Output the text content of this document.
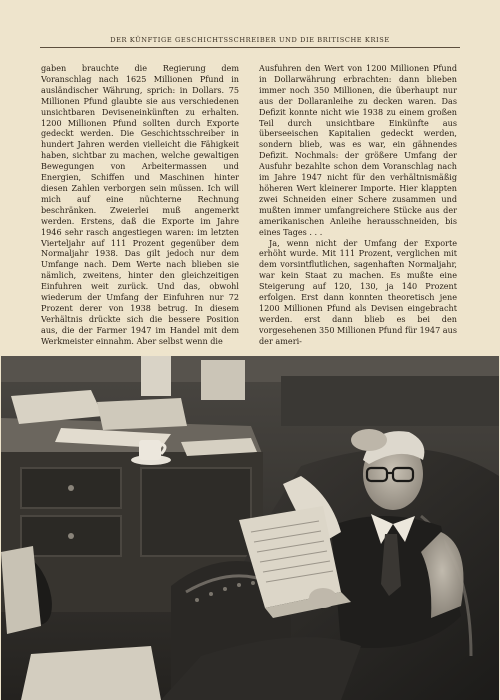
DER KÜNFTIGE GESCHICHTSSCHREIBER UND DIE BRITISCHE KRISE

gaben brauchte die Regierung dem Voranschlag nach 1625 Millionen Pfund in ausländischer Währung, sprich: in Dollars. 75 Millionen Pfund glaubte sie aus verschiedenen unsichtbaren Deviseneinkünften zu erhalten. 1200 Millionen Pfund sollten durch Exporte gedeckt werden. Die Geschichtsschreiber in hundert Jahren werden vielleicht die Fähigkeit haben, sichtbar zu machen, welche gewaltigen Bewegungen von Arbeitermassen und Energien, Schiffen und Maschinen hinter diesen Zahlen verborgen sein müssen. Ich will mich auf eine nüchterne Rechnung beschränken. Zweierlei muß angemerkt werden. Erstens, daß die Exporte im Jahre 1946 sehr rasch angestiegen waren: im letzten Vierteljahr auf 111 Prozent gegenüber dem Normaljahr 1938. Das gilt jedoch nur dem Umfange nach. Dem Werte nach blieben sie nämlich, zweitens, hinter den gleichzeitigen Einfuhren weit zurück. Und das, obwohl wiederum der Umfang der Einfuhren nur 72 Prozent derer von 1938 betrug. In diesem Verhältnis drückte sich die bessere Position aus, die der Farmer 1947 im Handel mit dem Werkmeister einnahm. Aber selbst wenn die

Ausfuhren den Wert von 1200 Millionen Pfund in Dollarwährung erbrachten: dann blieben immer noch 350 Millionen, die überhaupt nur aus der Dollaranleihe zu decken waren. Das Defizit konnte nicht wie 1938 zu einem großen Teil durch unsichtbare Einkünfte aus überseeischen Kapitalien gedeckt werden, sondern blieb, was es war, ein gähnendes Defizit. Nochmals: der größere Umfang der Ausfuhr bezahlte schon dem Voranschlag nach im Jahre 1947 nicht für den verhältnismäßig höheren Wert kleinerer Importe. Hier klappten zwei Schneiden einer Schere zusammen und mußten immer umfangreichere Stücke aus der amerikanischen Anleihe herausschneiden, bis eines Tages . . .

Ja, wenn nicht der Umfang der Exporte erhöht wurde. Mit 111 Prozent, verglichen mit dem vorsintflutlichen, sagenhaften Normaljahr, war kein Staat zu machen. Es mußte eine Steigerung auf 120, 130, ja 140 Prozent erfolgen. Erst dann konnten theoretisch jene 1200 Millionen Pfund als Devisen eingebracht werden. erst dann blieb es bei den vorgesehenen 350 Millionen Pfund für 1947 aus der ameri-
